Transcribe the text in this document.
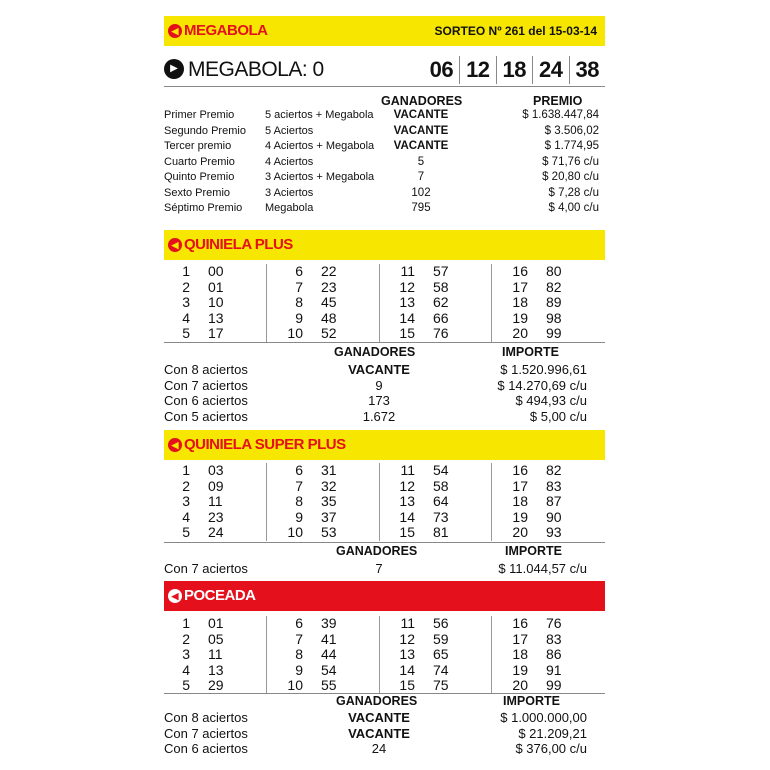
◀ MEGABOLA	SORTEO Nº 261 del 15-03-14
▶ MEGABOLA: 0	06 12 18 24 38
GANADORES	PREMIO
Primer Premio	5 aciertos + Megabola	VACANTE	$ 1.638.447,84
Segundo Premio 5 Aciertos	VACANTE	$ 3.506,02
Tercer premio	4 Aciertos + Megabola	VACANTE	$ 1.774,95
Cuarto Premio	4 Aciertos	5	$ 71,76 c/u
Quinto Premio	3 Aciertos + Megabola	7	$ 20,80 c/u
Sexto Premio	3 Aciertos	102	$ 7,28 c/u
Séptimo Premio Megabola	795	$ 4,00 c/u
◀ QUINIELA PLUS
1 00
2 01
3 10
4 13
5 17
6 22
7 23
8 45
9 48
10 52
11 57
12 58
13 62
14 66
15 76
16 80
17 82
18 89
19 98
20 99
GANADORES	IMPORTE
Con 8 aciertos	VACANTE	$ 1.520.996,61
Con 7 aciertos	9	$ 14.270,69 c/u
Con 6 aciertos	173	$ 494,93 c/u
Con 5 aciertos	1.672	$ 5,00 c/u
◀ QUINIELA SUPER PLUS
1 03
2 09
3 11
4 23
5 24
6 31
7 32
8 35
9 37
10 53
11 54
12 58
13 64
14 73
15 81
16 82
17 83
18 87
19 90
20 93
GANADORES	IMPORTE
Con 7 aciertos	7	$ 11.044,57 c/u
◀ POCEADA
1 01
2 05
3 11
4 13
5 29
6 39
7 41
8 44
9 54
10 55
11 56
12 59
13 65
14 74
15 75
16 76
17 83
18 86
19 91
20 99
GANADORES	IMPORTE
Con 8 aciertos	VACANTE	$ 1.000.000,00
Con 7 aciertos	VACANTE	$ 21.209,21
Con 6 aciertos	24	$ 376,00 c/u
